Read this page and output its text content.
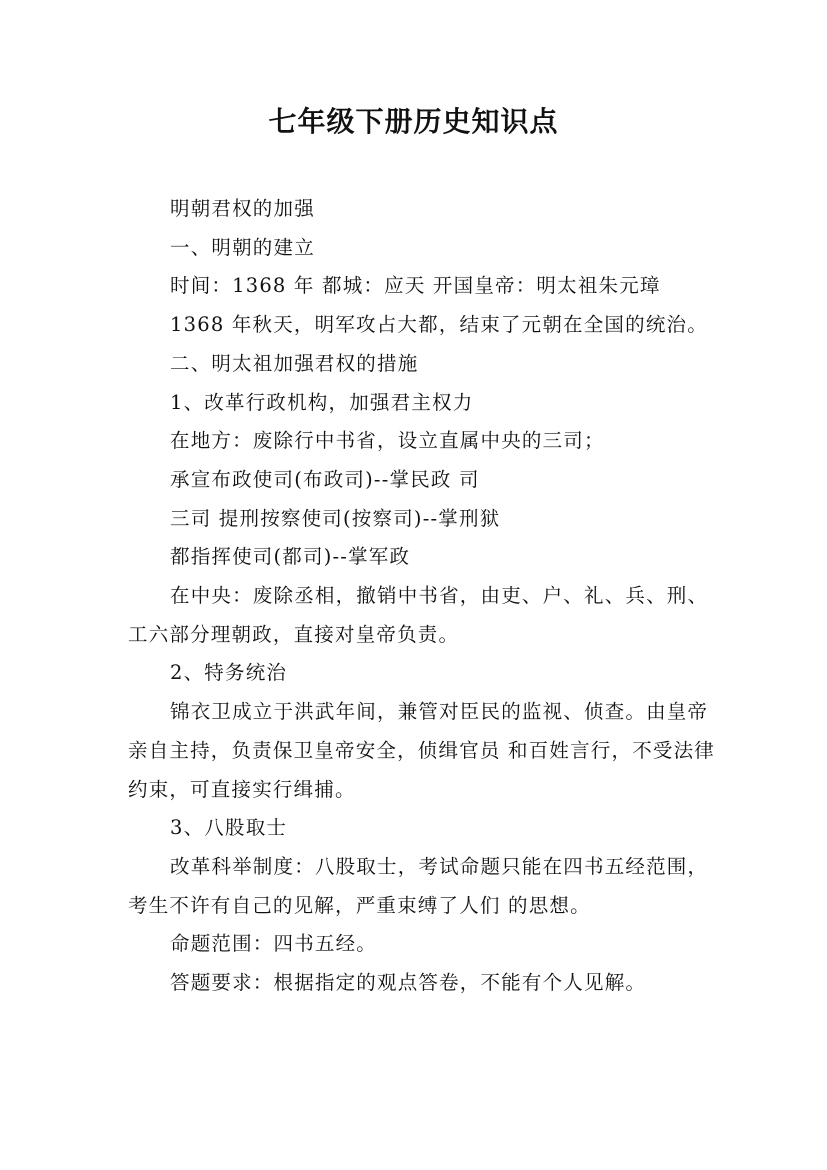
七年级下册历史知识点

明朝君权的加强

一、明朝的建立

时间：1368 年 都城：应天 开国皇帝：明太祖朱元璋

1368 年秋天，明军攻占大都，结束了元朝在全国的统治。

二、明太祖加强君权的措施

1、改革行政机构，加强君主权力

在地方：废除行中书省，设立直属中央的三司；

承宣布政使司(布政司)--掌民政 司

三司 提刑按察使司(按察司)--掌刑狱

都指挥使司(都司)--掌军政

在中央：废除丞相，撤销中书省，由吏、户、礼、兵、刑、工六部分理朝政，直接对皇帝负责。

2、特务统治

锦衣卫成立于洪武年间，兼管对臣民的监视、侦查。由皇帝亲自主持，负责保卫皇帝安全，侦缉官员 和百姓言行，不受法律约束，可直接实行缉捕。

3、八股取士

改革科举制度：八股取士，考试命题只能在四书五经范围，考生不许有自己的见解，严重束缚了人们 的思想。

命题范围：四书五经。

答题要求：根据指定的观点答卷，不能有个人见解。
